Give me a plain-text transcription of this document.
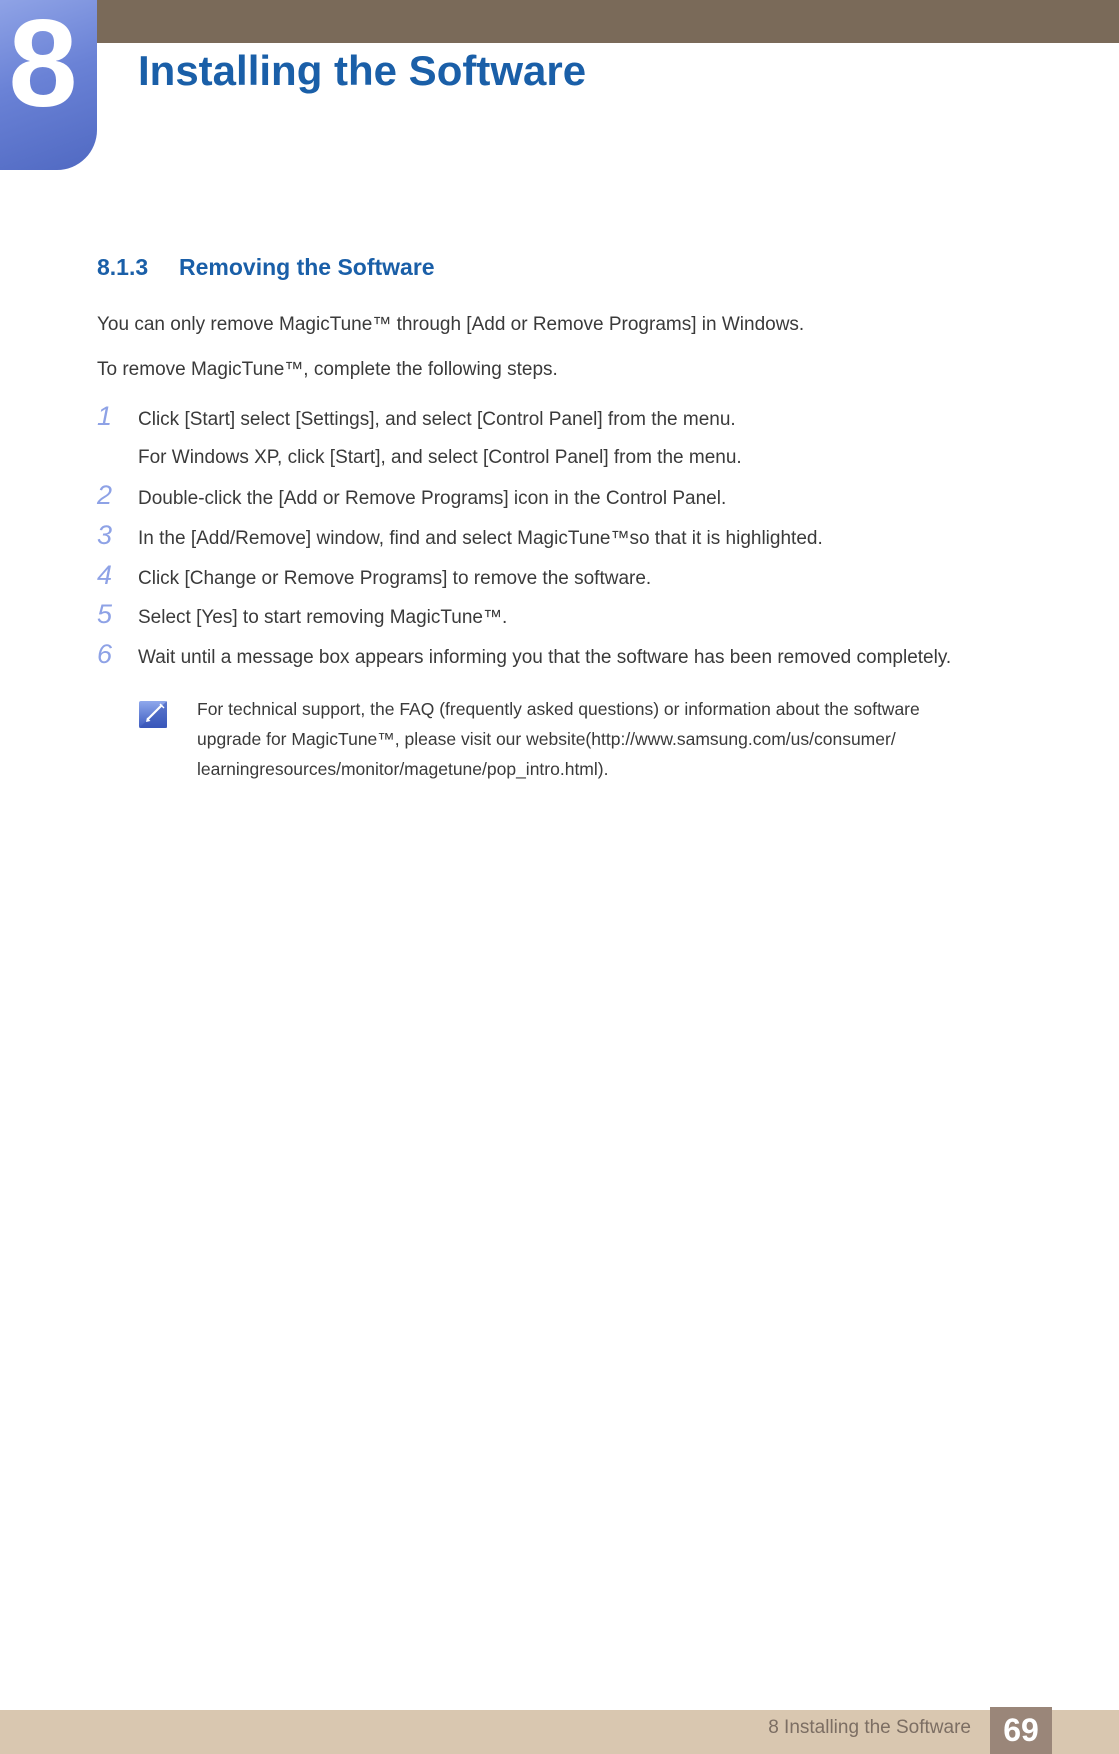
8 Installing the Software
8.1.3 Removing the Software

You can only remove MagicTune™ through [Add or Remove Programs] in Windows.

To remove MagicTune™, complete the following steps.

1 Click [Start] select [Settings], and select [Control Panel] from the menu.
For Windows XP, click [Start], and select [Control Panel] from the menu.
2 Double-click the [Add or Remove Programs] icon in the Control Panel.
3 In the [Add/Remove] window, find and select MagicTune™so that it is highlighted.
4 Click [Change or Remove Programs] to remove the software.
5 Select [Yes] to start removing MagicTune™.
6 Wait until a message box appears informing you that the software has been removed completely.
For technical support, the FAQ (frequently asked questions) or information about the software
upgrade for MagicTune™, please visit our website(http://www.samsung.com/us/consumer/
learningresources/monitor/magetune/pop_intro.html).
8 Installing the Software	69
